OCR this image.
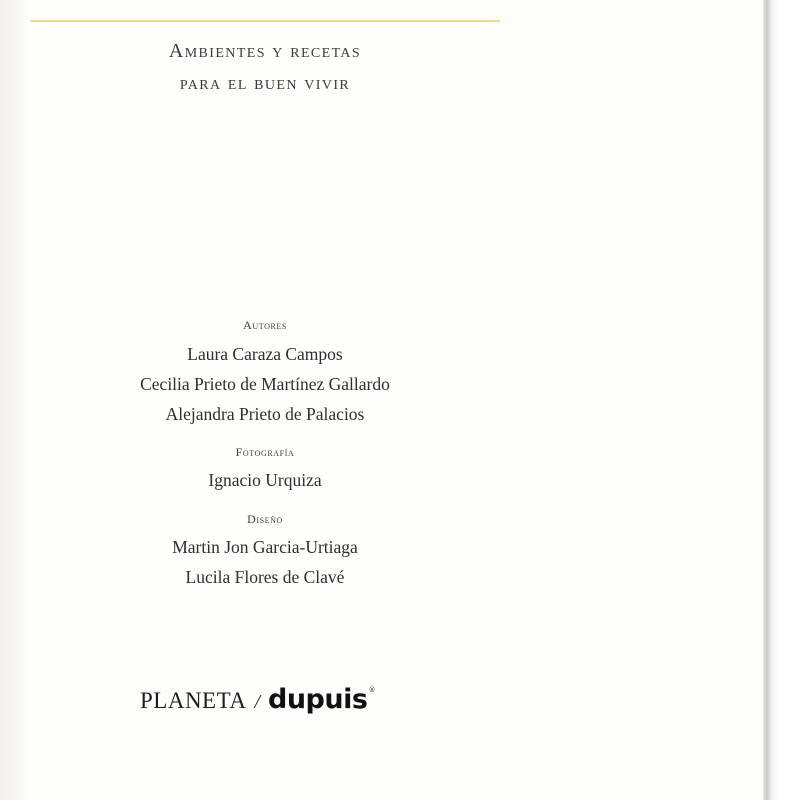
Ambientes y recetas
para el buen vivir
Autores
Laura Caraza Campos
Cecilia Prieto de Martínez Gallardo
Alejandra Prieto de Palacios
Fotografía
Ignacio Urquiza
Diseño
Martin Jon Garcia-Urtiaga
Lucila Flores de Clavé
PLANETA / dupuis ®
